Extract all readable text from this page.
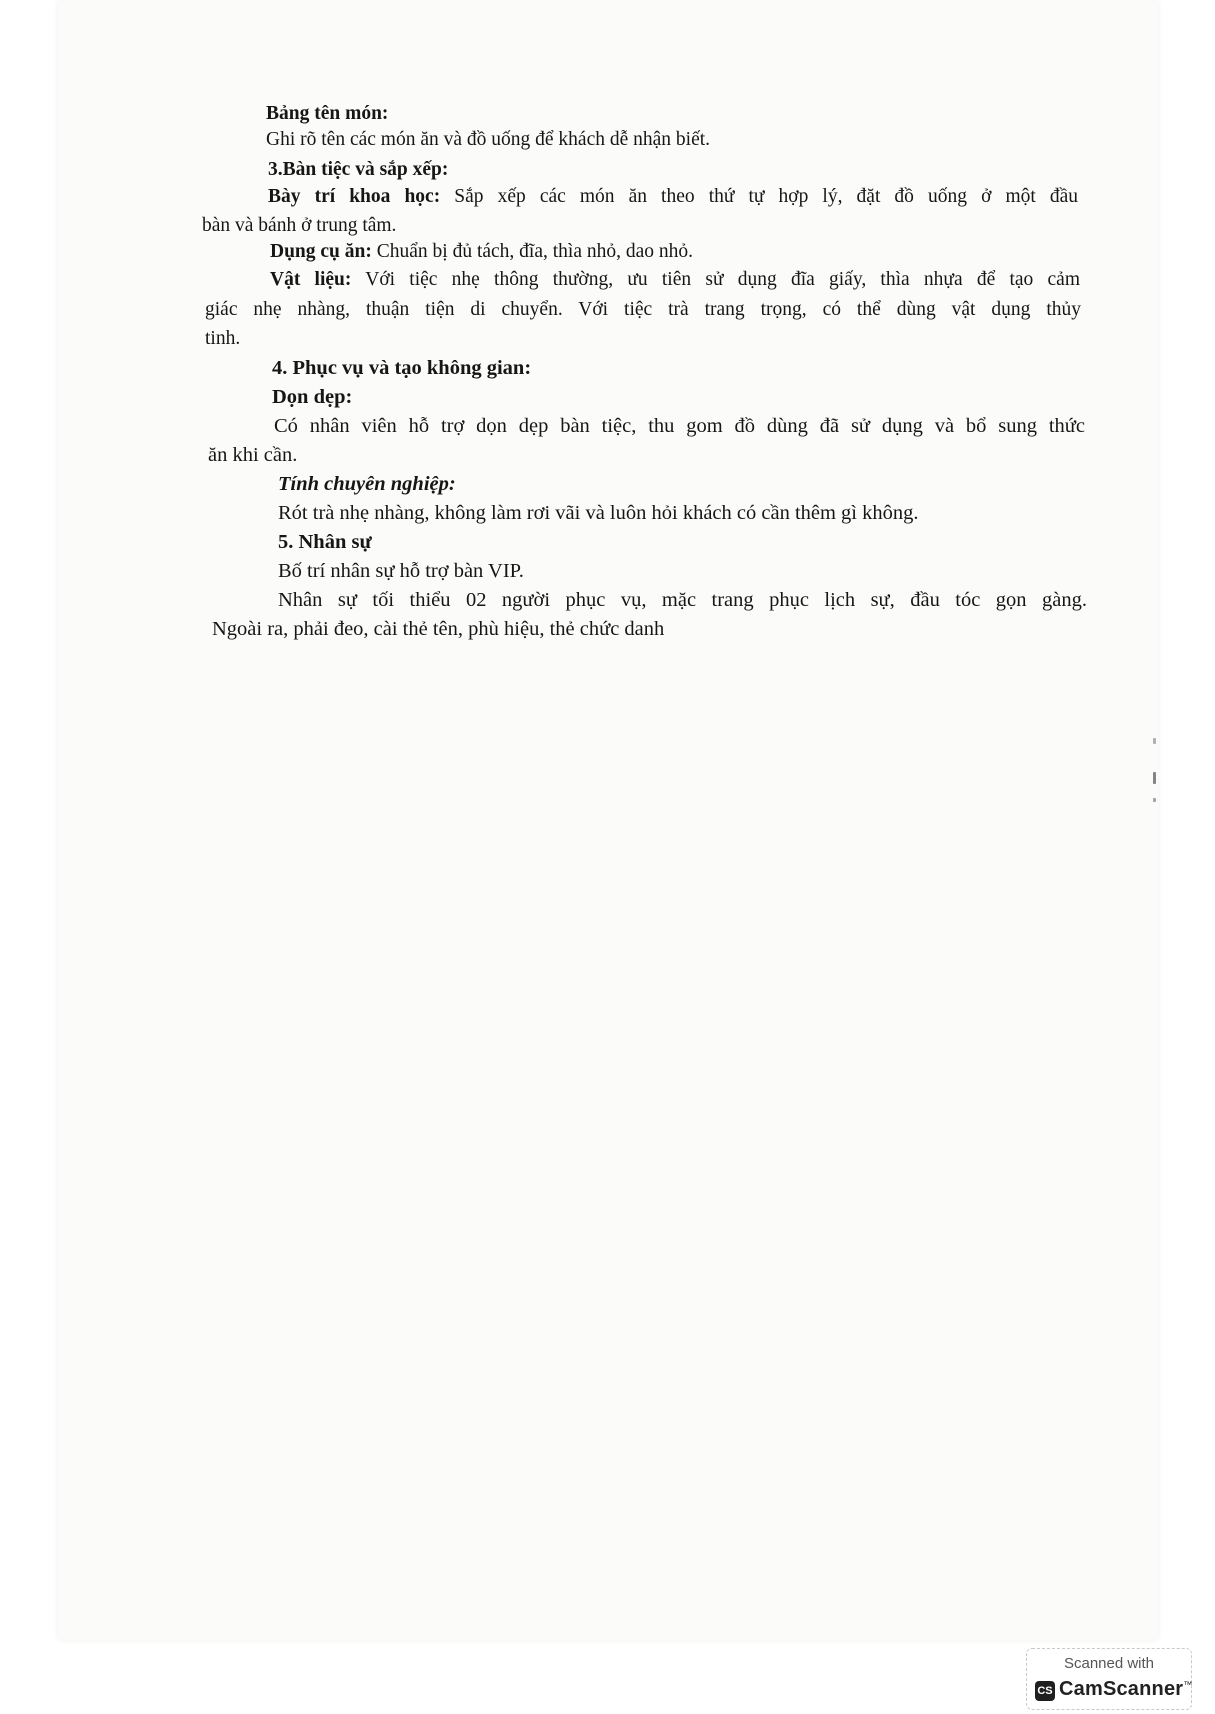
Bảng tên món:
Ghi rõ tên các món ăn và đồ uống để khách dễ nhận biết.
3.Bàn tiệc và sắp xếp:
Bày trí khoa học: Sắp xếp các món ăn theo thứ tự hợp lý, đặt đồ uống ở một đầu
bàn và bánh ở trung tâm.
Dụng cụ ăn: Chuẩn bị đủ tách, đĩa, thìa nhỏ, dao nhỏ.
Vật liệu: Với tiệc nhẹ thông thường, ưu tiên sử dụng đĩa giấy, thìa nhựa để tạo cảm
giác nhẹ nhàng, thuận tiện di chuyển. Với tiệc trà trang trọng, có thể dùng vật dụng thủy
tinh.
4. Phục vụ và tạo không gian:
Dọn dẹp:
Có nhân viên hỗ trợ dọn dẹp bàn tiệc, thu gom đồ dùng đã sử dụng và bổ sung thức
ăn khi cần.
Tính chuyên nghiệp:
Rót trà nhẹ nhàng, không làm rơi vãi và luôn hỏi khách có cần thêm gì không.
5. Nhân sự
Bố trí nhân sự hỗ trợ bàn VIP.
Nhân sự tối thiểu 02 người phục vụ, mặc trang phục lịch sự, đầu tóc gọn gàng.
Ngoài ra, phải đeo, cài thẻ tên, phù hiệu, thẻ chức danh
Scanned with
CS CamScanner™
